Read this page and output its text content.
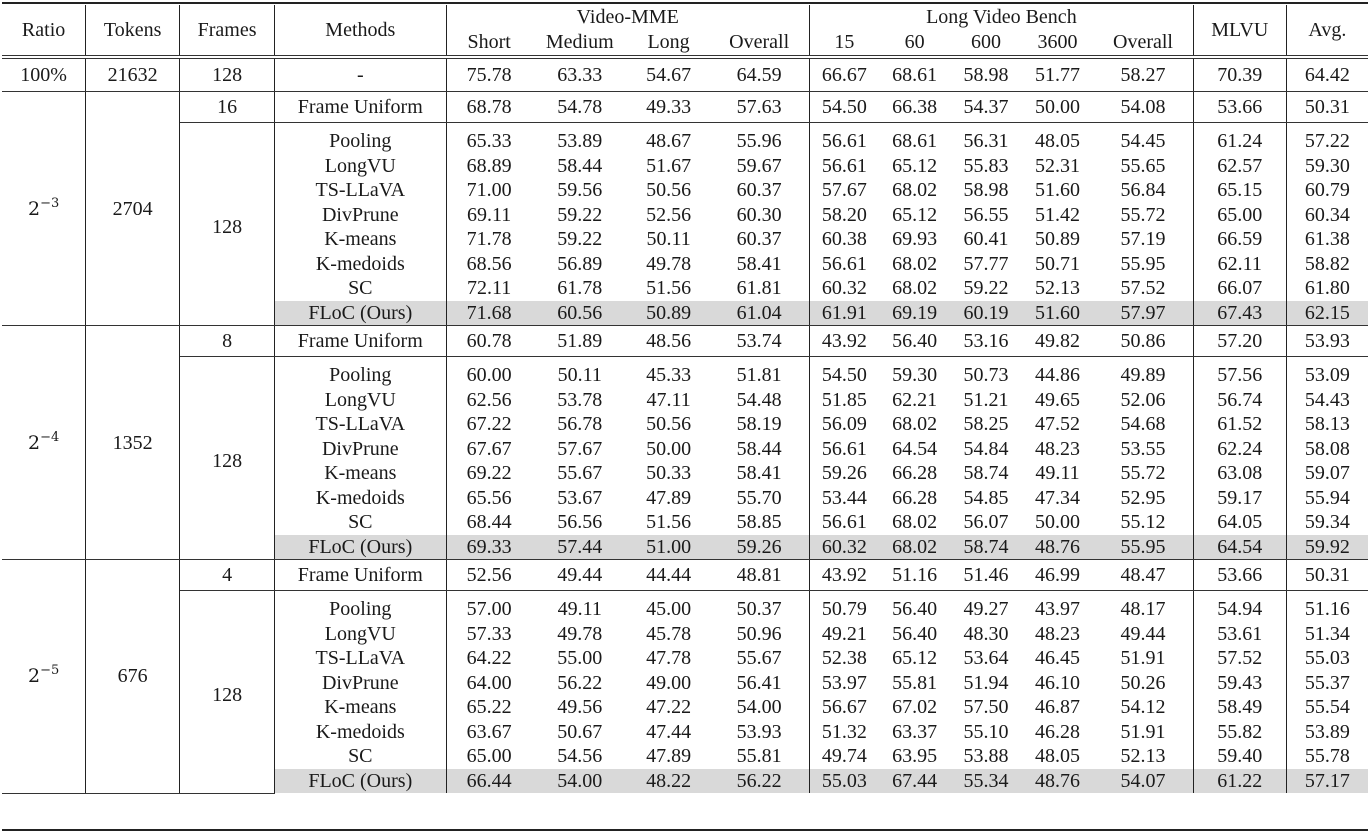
Ratio	Tokens	Frames	Methods	Video-MME				Long Video Bench					MLVU	Avg.
				Short	Medium	Long	Overall	15	60	600	3600	Overall		
100%	21632	128	-	75.78	63.33	54.67	64.59	66.67	68.61	58.98	51.77	58.27	70.39	64.42
$2^{-3}$	2704	16	Frame Uniform	68.78	54.78	49.33	57.63	54.50	66.38	54.37	50.00	54.08	53.66	50.31
		128	Pooling	65.33	53.89	48.67	55.96	56.61	68.61	56.31	48.05	54.45	61.24	57.22
			LongVU	68.89	58.44	51.67	59.67	56.61	65.12	55.83	52.31	55.65	62.57	59.30
			TS-LLaVA	71.00	59.56	50.56	60.37	57.67	68.02	58.98	51.60	56.84	65.15	60.79
			DivPrune	69.11	59.22	52.56	60.30	58.20	65.12	56.55	51.42	55.72	65.00	60.34
			K-means	71.78	59.22	50.11	60.37	60.38	69.93	60.41	50.89	57.19	66.59	61.38
			K-medoids	68.56	56.89	49.78	58.41	56.61	68.02	57.77	50.71	55.95	62.11	58.82
			SC	72.11	61.78	51.56	61.81	60.32	68.02	59.22	52.13	57.52	66.07	61.80
			FLoC (Ours)	71.68	60.56	50.89	61.04	61.91	69.19	60.19	51.60	57.97	67.43	62.15
$2^{-4}$	1352	8	Frame Uniform	60.78	51.89	48.56	53.74	43.92	56.40	53.16	49.82	50.86	57.20	53.93
		128	Pooling	60.00	50.11	45.33	51.81	54.50	59.30	50.73	44.86	49.89	57.56	53.09
			LongVU	62.56	53.78	47.11	54.48	51.85	62.21	51.21	49.65	52.06	56.74	54.43
			TS-LLaVA	67.22	56.78	50.56	58.19	56.09	68.02	58.25	47.52	54.68	61.52	58.13
			DivPrune	67.67	57.67	50.00	58.44	56.61	64.54	54.84	48.23	53.55	62.24	58.08
			K-means	69.22	55.67	50.33	58.41	59.26	66.28	58.74	49.11	55.72	63.08	59.07
			K-medoids	65.56	53.67	47.89	55.70	53.44	66.28	54.85	47.34	52.95	59.17	55.94
			SC	68.44	56.56	51.56	58.85	56.61	68.02	56.07	50.00	55.12	64.05	59.34
			FLoC (Ours)	69.33	57.44	51.00	59.26	60.32	68.02	58.74	48.76	55.95	64.54	59.92
$2^{-5}$	676	4	Frame Uniform	52.56	49.44	44.44	48.81	43.92	51.16	51.46	46.99	48.47	53.66	50.31
		128	Pooling	57.00	49.11	45.00	50.37	50.79	56.40	49.27	43.97	48.17	54.94	51.16
			LongVU	57.33	49.78	45.78	50.96	49.21	56.40	48.30	48.23	49.44	53.61	51.34
			TS-LLaVA	64.22	55.00	47.78	55.67	52.38	65.12	53.64	46.45	51.91	57.52	55.03
			DivPrune	64.00	56.22	49.00	56.41	53.97	55.81	51.94	46.10	50.26	59.43	55.37
			K-means	65.22	49.56	47.22	54.00	56.67	67.02	57.50	46.87	54.12	58.49	55.54
			K-medoids	63.67	50.67	47.44	53.93	51.32	63.37	55.10	46.28	51.91	55.82	53.89
			SC	65.00	54.56	47.89	55.81	49.74	63.95	53.88	48.05	52.13	59.40	55.78
			FLoC (Ours)	66.44	54.00	48.22	56.22	55.03	67.44	55.34	48.76	54.07	61.22	57.17
